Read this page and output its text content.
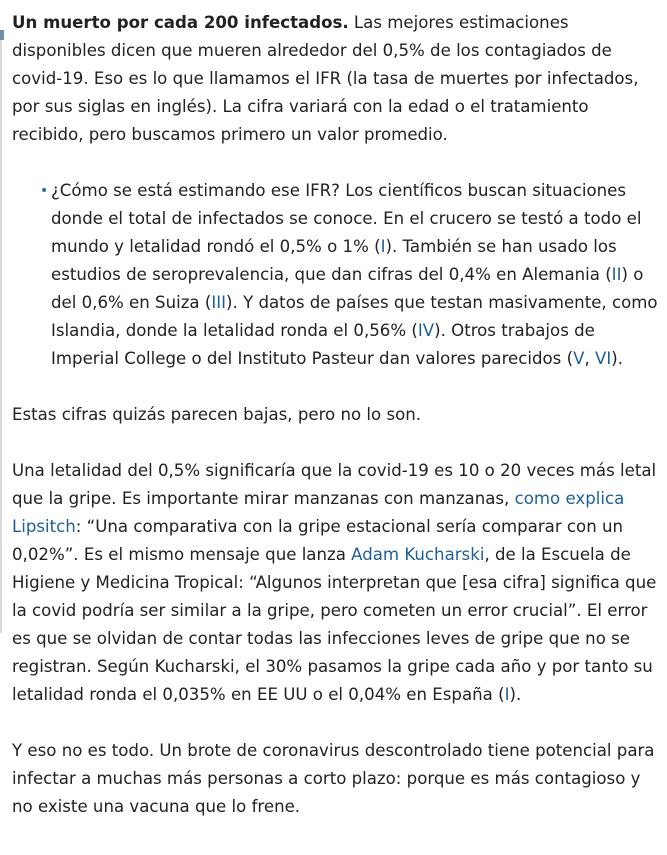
Un muerto por cada 200 infectados. Las mejores estimaciones disponibles dicen que mueren alrededor del 0,5% de los contagiados de covid-19. Eso es lo que llamamos el IFR (la tasa de muertes por infectados, por sus siglas en inglés). La cifra variará con la edad o el tratamiento recibido, pero buscamos primero un valor promedio.

• ¿Cómo se está estimando ese IFR? Los científicos buscan situaciones donde el total de infectados se conoce. En el crucero se testó a todo el mundo y letalidad rondó el 0,5% o 1% (I). También se han usado los estudios de seroprevalencia, que dan cifras del 0,4% en Alemania (II) o del 0,6% en Suiza (III). Y datos de países que testan masivamente, como Islandia, donde la letalidad ronda el 0,56% (IV). Otros trabajos de Imperial College o del Instituto Pasteur dan valores parecidos (V, VI).

Estas cifras quizás parecen bajas, pero no lo son.

Una letalidad del 0,5% significaría que la covid-19 es 10 o 20 veces más letal que la gripe. Es importante mirar manzanas con manzanas, como explica Lipsitch: “Una comparativa con la gripe estacional sería comparar con un 0,02%”. Es el mismo mensaje que lanza Adam Kucharski, de la Escuela de Higiene y Medicina Tropical: “Algunos interpretan que [esa cifra] significa que la covid podría ser similar a la gripe, pero cometen un error crucial”. El error es que se olvidan de contar todas las infecciones leves de gripe que no se registran. Según Kucharski, el 30% pasamos la gripe cada año y por tanto su letalidad ronda el 0,035% en EE UU o el 0,04% en España (I).

Y eso no es todo. Un brote de coronavirus descontrolado tiene potencial para infectar a muchas más personas a corto plazo: porque es más contagioso y no existe una vacuna que lo frene.
